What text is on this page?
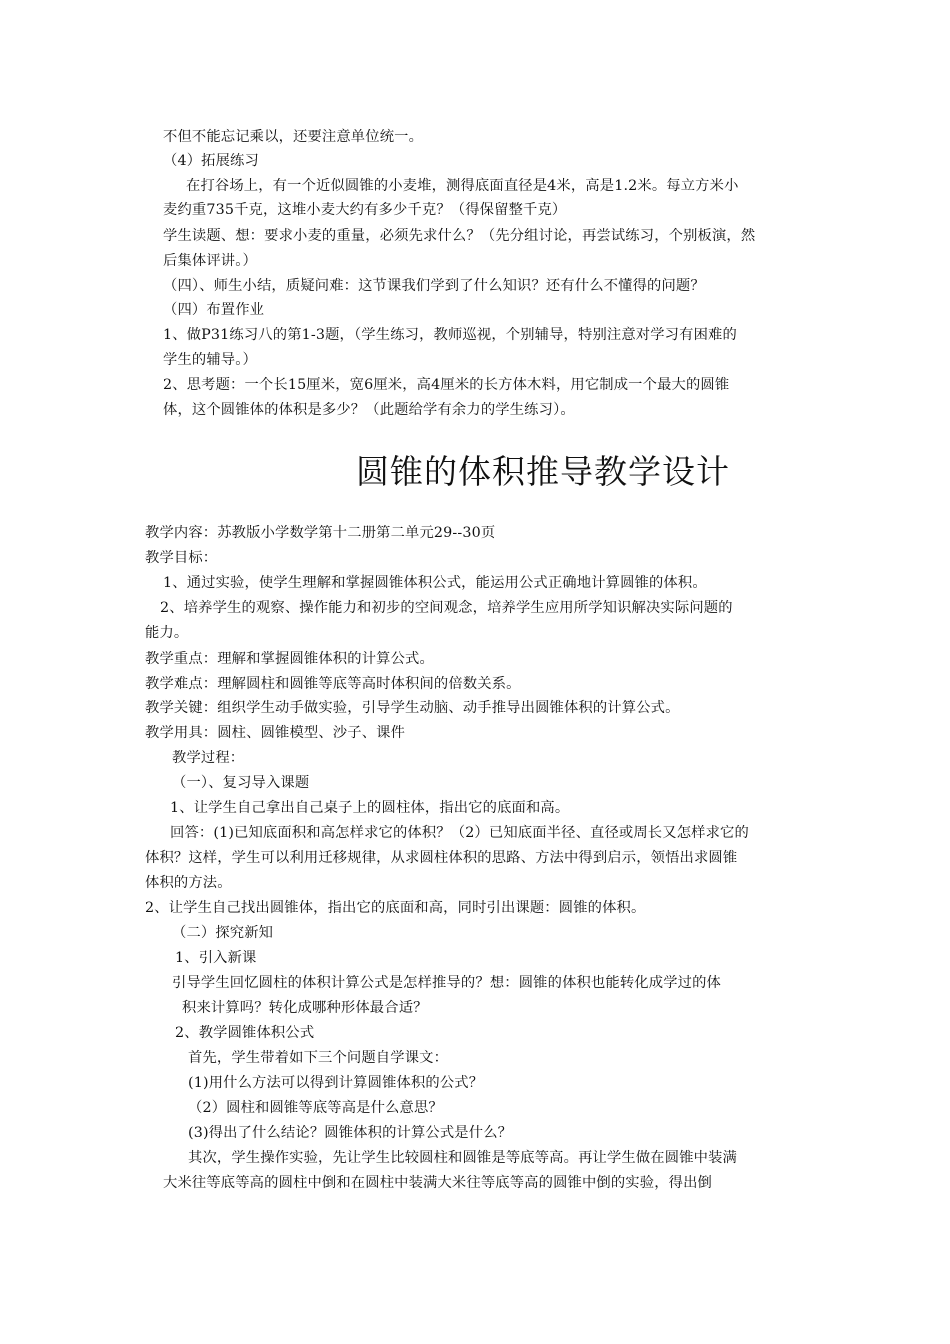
不但不能忘记乘以，还要注意单位统一。
（4）拓展练习
在打谷场上，有一个近似圆锥的小麦堆，测得底面直径是4米，高是1.2米。每立方米小
麦约重735千克，这堆小麦大约有多少千克？（得保留整千克）
学生读题、想：要求小麦的重量，必须先求什么？（先分组讨论，再尝试练习，个别板演，然
后集体评讲。）
（四）、师生小结，质疑问难：这节课我们学到了什么知识？还有什么不懂得的问题？
（四）布置作业
1、做P31练习八的第1-3题，（学生练习，教师巡视，个别辅导，特别注意对学习有困难的
学生的辅导。）
2、思考题：一个长15厘米，宽6厘米，高4厘米的长方体木料，用它制成一个最大的圆锥
体，这个圆锥体的体积是多少？（此题给学有余力的学生练习）。
圆锥的体积推导教学设计
教学内容：苏教版小学数学第十二册第二单元29--30页
教学目标：
1、通过实验，使学生理解和掌握圆锥体积公式，能运用公式正确地计算圆锥的体积。
2、培养学生的观察、操作能力和初步的空间观念，培养学生应用所学知识解决实际问题的
能力。
教学重点：理解和掌握圆锥体积的计算公式。
教学难点：理解圆柱和圆锥等底等高时体积间的倍数关系。
教学关键：组织学生动手做实验，引导学生动脑、动手推导出圆锥体积的计算公式。
教学用具：圆柱、圆锥模型、沙子、课件
教学过程：
（一）、复习导入课题
1、让学生自己拿出自己桌子上的圆柱体，指出它的底面和高。
回答：(1)已知底面积和高怎样求它的体积？（2）已知底面半径、直径或周长又怎样求它的
体积？这样，学生可以利用迁移规律，从求圆柱体积的思路、方法中得到启示，领悟出求圆锥
体积的方法。
2、让学生自己找出圆锥体，指出它的底面和高，同时引出课题：圆锥的体积。
（二）探究新知
1、引入新课
引导学生回忆圆柱的体积计算公式是怎样推导的？想：圆锥的体积也能转化成学过的体
积来计算吗？转化成哪种形体最合适？
2、教学圆锥体积公式
首先，学生带着如下三个问题自学课文：
(1)用什么方法可以得到计算圆锥体积的公式？
（2）圆柱和圆锥等底等高是什么意思？
(3)得出了什么结论？圆锥体积的计算公式是什么？
其次，学生操作实验，先让学生比较圆柱和圆锥是等底等高。再让学生做在圆锥中装满
大米往等底等高的圆柱中倒和在圆柱中装满大米往等底等高的圆锥中倒的实验，得出倒
